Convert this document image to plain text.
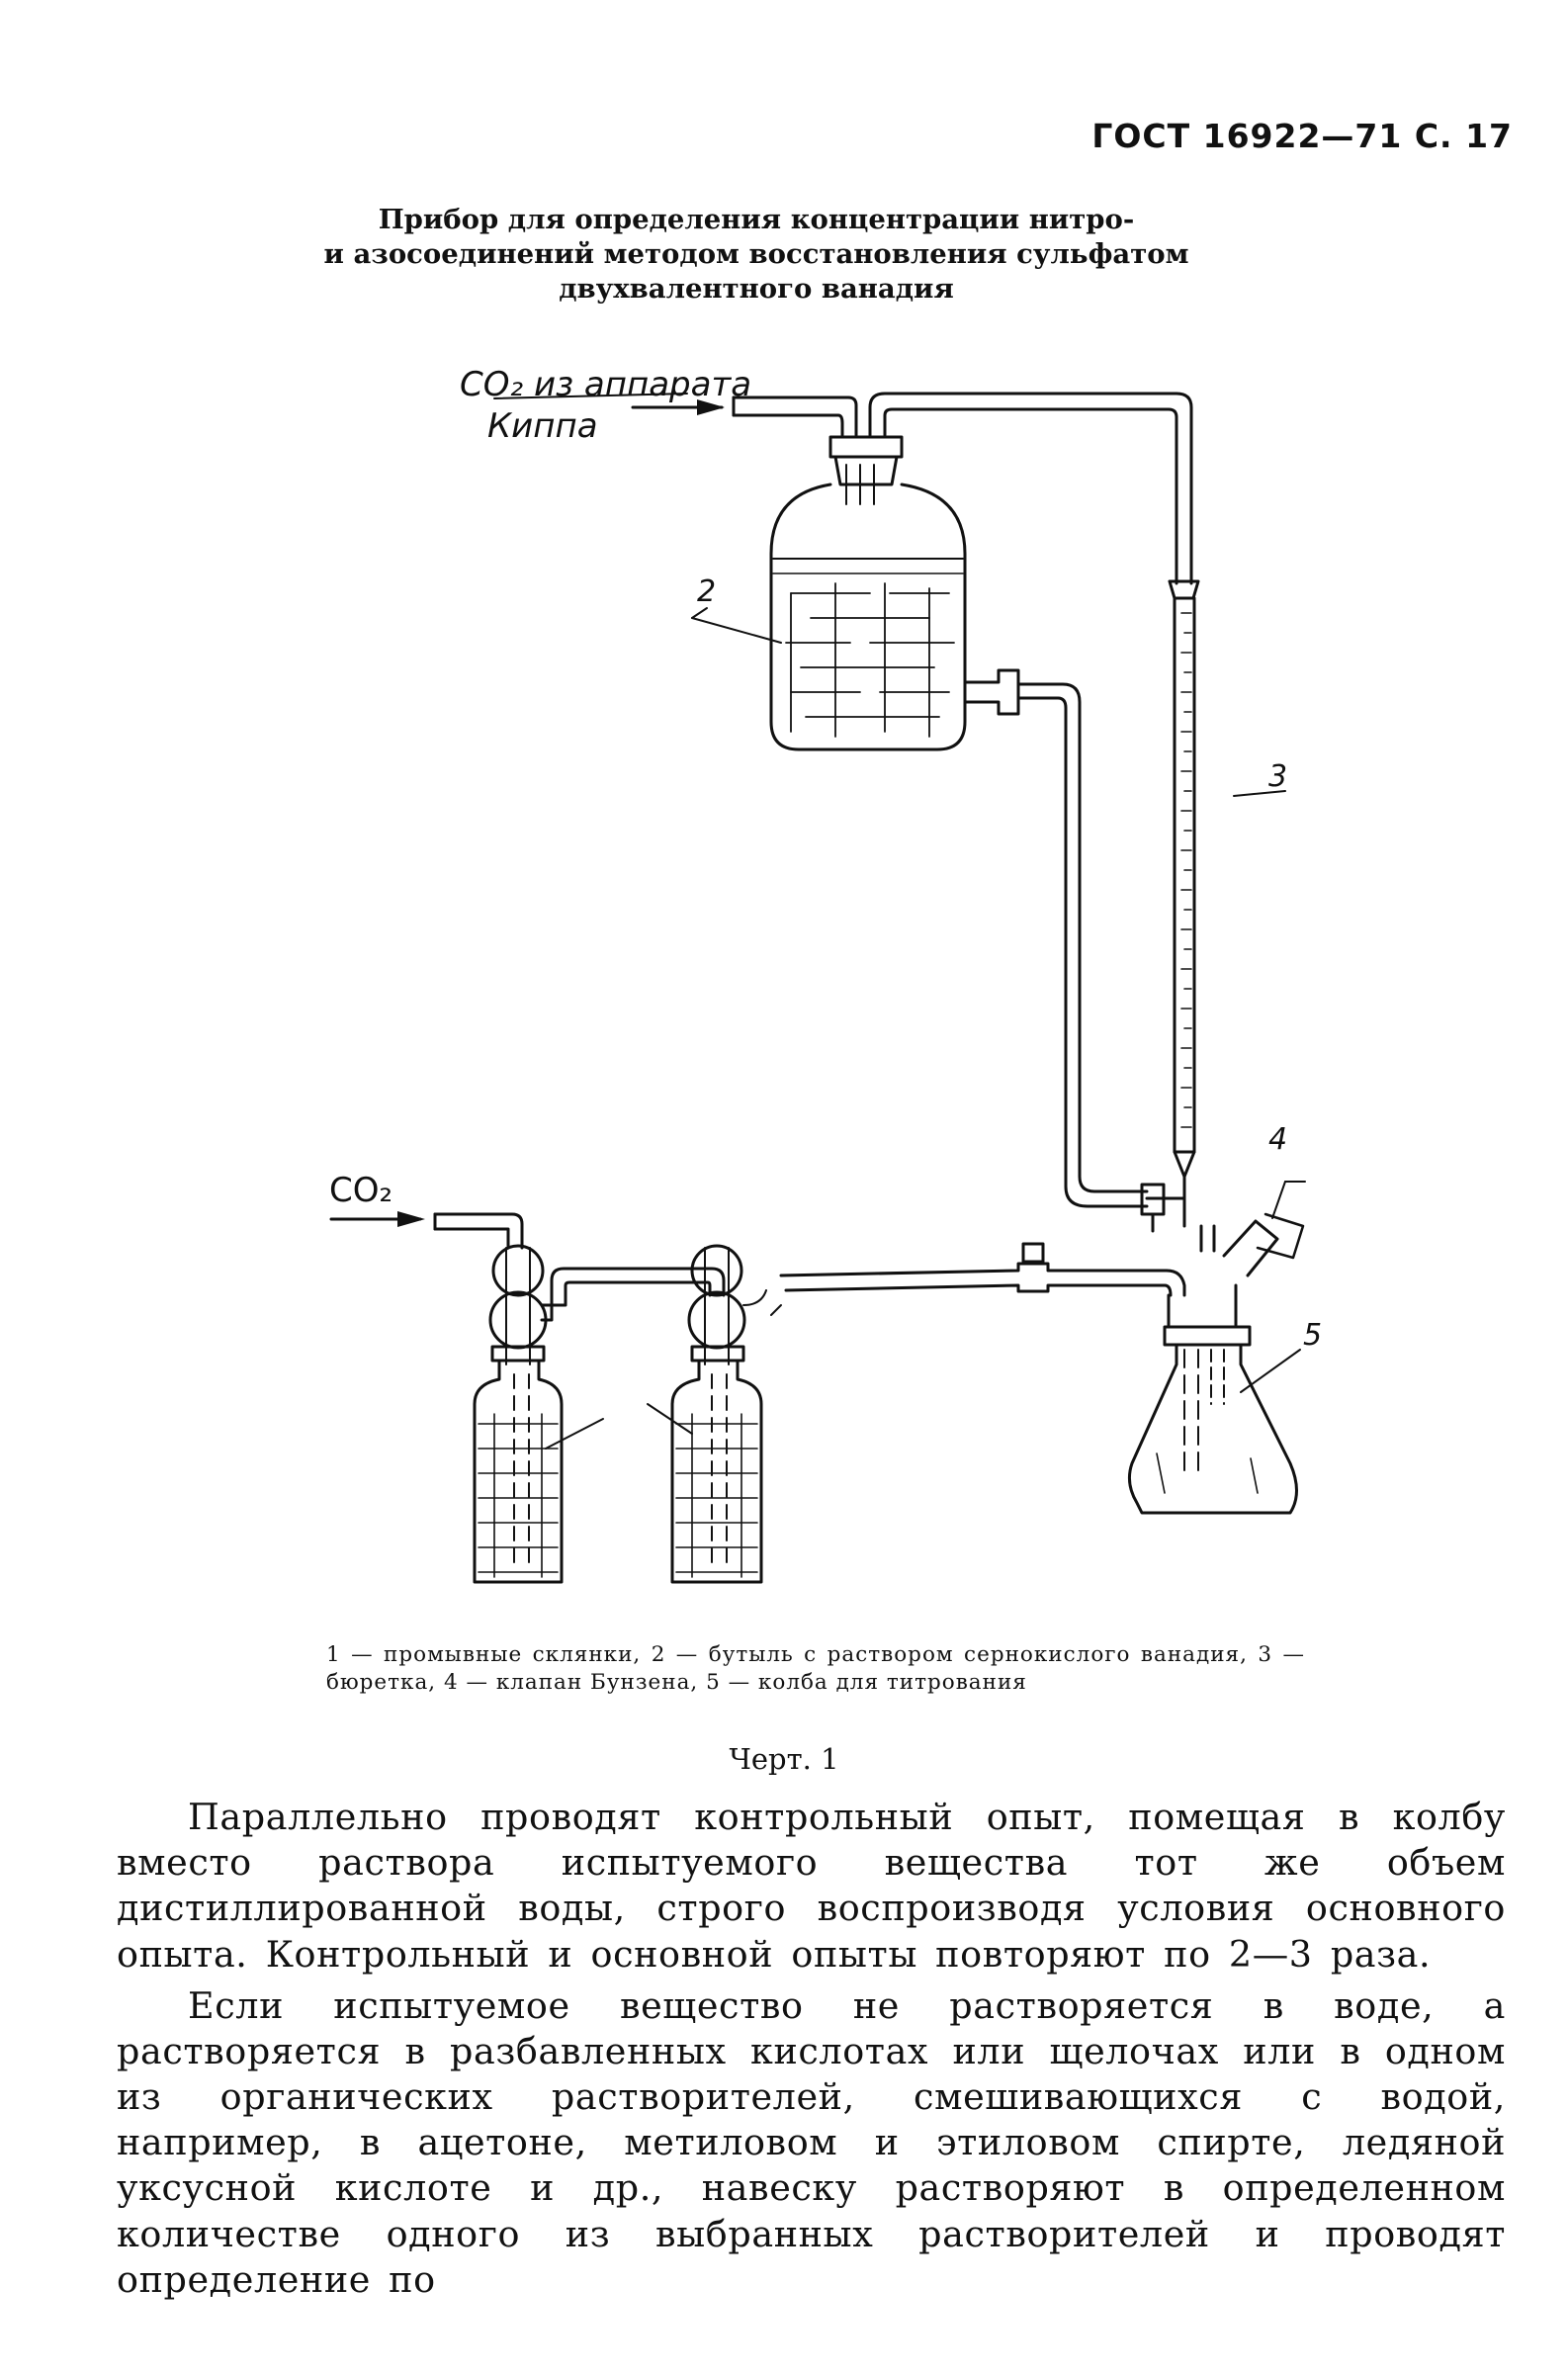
ГОСТ 16922—71 С. 17
Прибор для определения концентрации нитро-
и азосоединений методом восстановления сульфатом
двухвалентного ванадия
CO₂ из аппарата
Киппа
CO₂
2
3
4
5
1 — промывные склянки, 2 — бутыль с раствором сернокислого ванадия, 3 — бюретка, 4 — клапан Бунзена, 5 — колба для титрования
Черт. 1

Параллельно проводят контрольный опыт, помещая в колбу вместо раствора испытуемого вещества тот же объем дистиллированной воды, строго воспроизводя условия основного опыта. Контрольный и основной опыты повторяют по 2—3 раза.

Если испытуемое вещество не растворяется в воде, а растворяется в разбавленных кислотах или щелочах или в одном из органических растворителей, смешивающихся с водой, например, в ацетоне, метиловом и этиловом спирте, ледяной уксусной кислоте и др., навеску растворяют в определенном количестве одного из выбранных растворителей и проводят определение по
